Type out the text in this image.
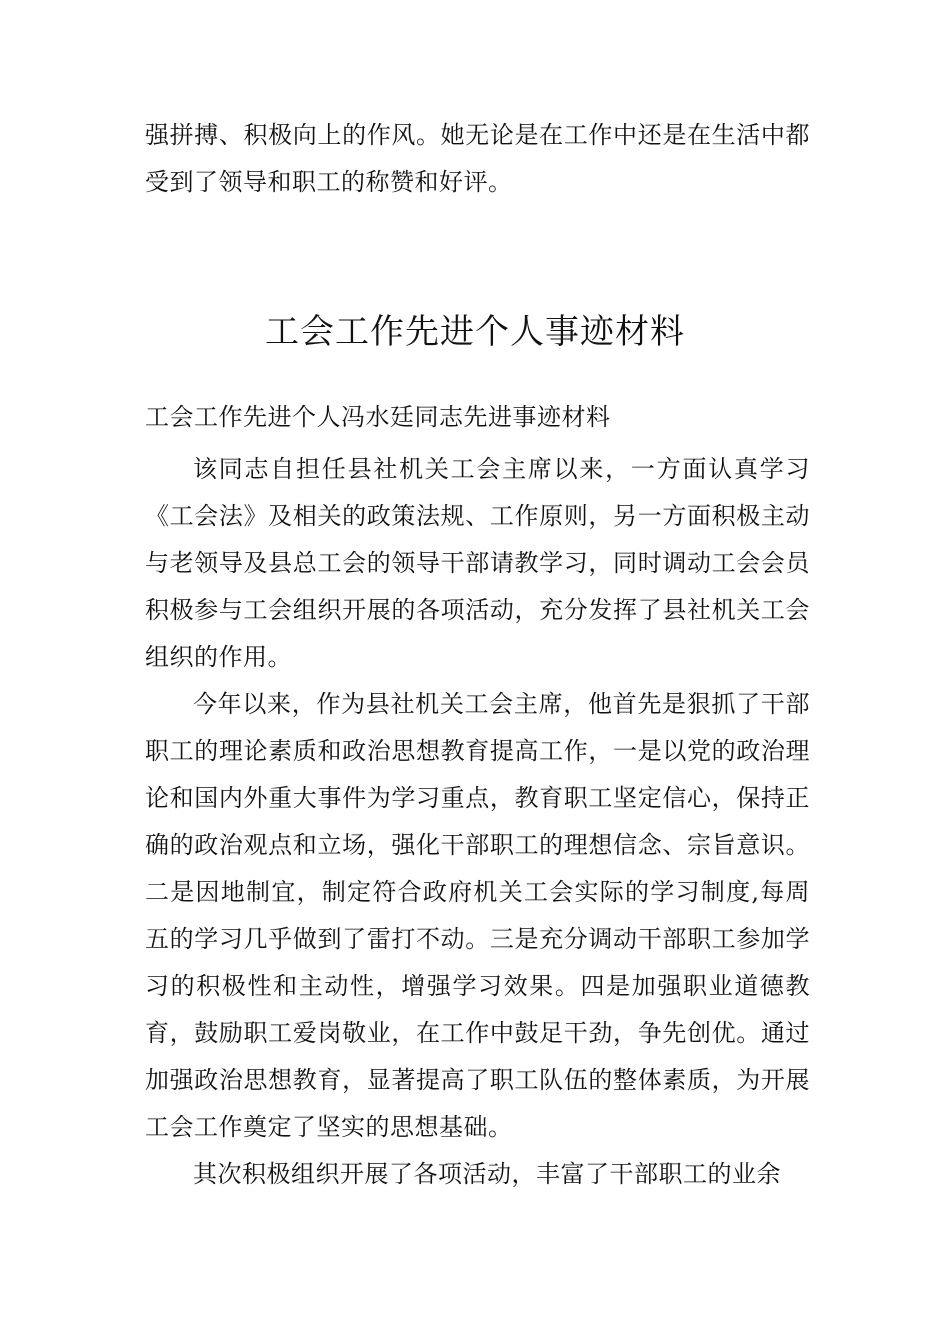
强拼搏、积极向上的作风。她无论是在工作中还是在生活中都受到了领导和职工的称赞和好评。

工会工作先进个人事迹材料

工会工作先进个人冯水廷同志先进事迹材料

该同志自担任县社机关工会主席以来，一方面认真学习《工会法》及相关的政策法规、工作原则，另一方面积极主动与老领导及县总工会的领导干部请教学习，同时调动工会会员积极参与工会组织开展的各项活动，充分发挥了县社机关工会组织的作用。

今年以来，作为县社机关工会主席，他首先是狠抓了干部职工的理论素质和政治思想教育提高工作，一是以党的政治理论和国内外重大事件为学习重点，教育职工坚定信心，保持正确的政治观点和立场，强化干部职工的理想信念、宗旨意识。二是因地制宜，制定符合政府机关工会实际的学习制度,每周五的学习几乎做到了雷打不动。三是充分调动干部职工参加学习的积极性和主动性，增强学习效果。四是加强职业道德教育，鼓励职工爱岗敬业，在工作中鼓足干劲，争先创优。通过加强政治思想教育，显著提高了职工队伍的整体素质，为开展工会工作奠定了坚实的思想基础。

其次积极组织开展了各项活动，丰富了干部职工的业余
